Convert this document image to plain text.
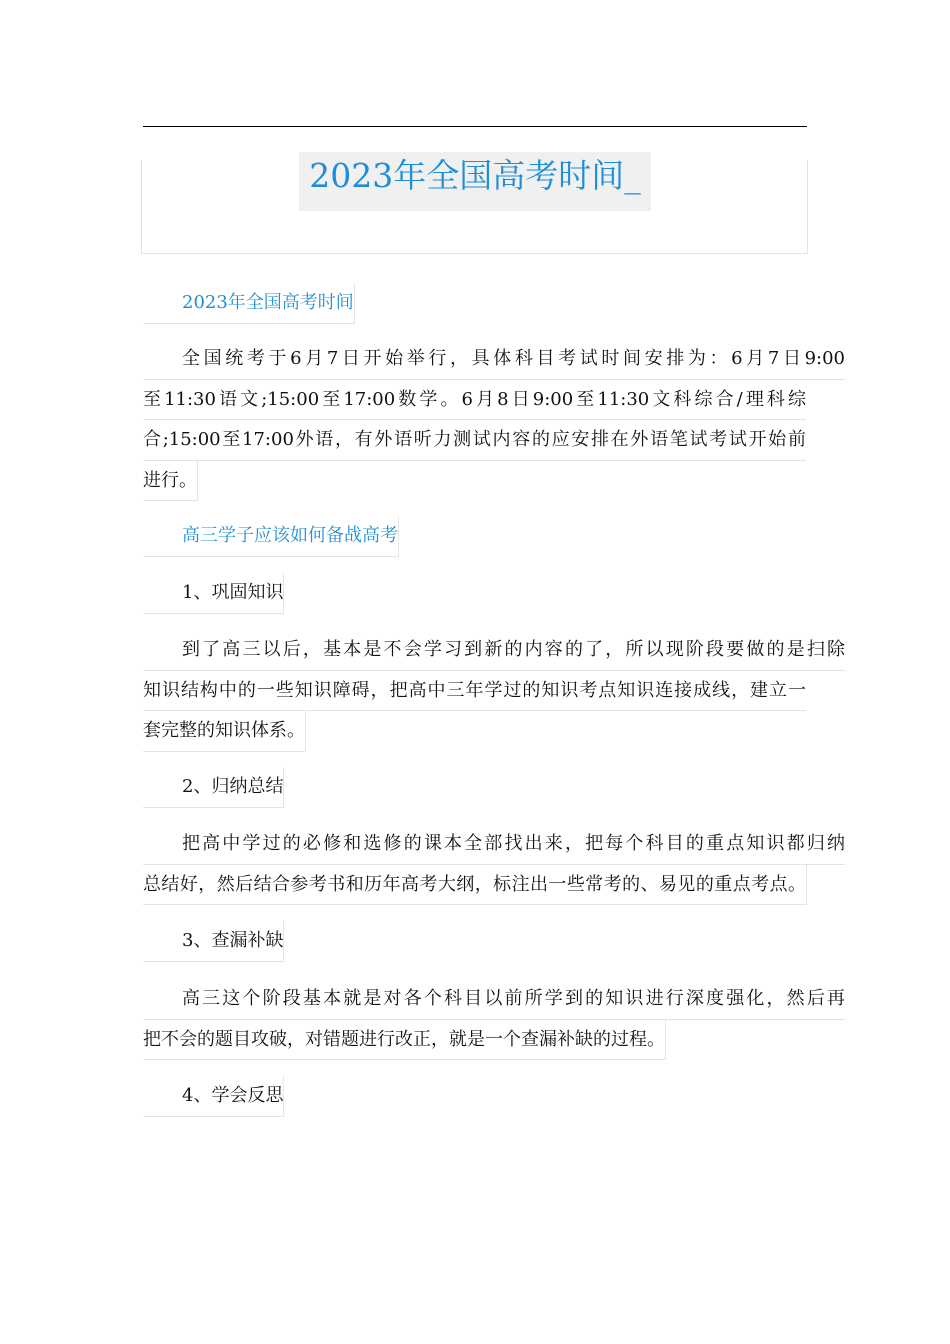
2023年全国高考时间_
2023年全国高考时间
全国统考于6月7日开始举行，具体科目考试时间安排为：6月7日9:00
至11:30语文;15:00至17:00数学。6月8日9:00至11:30文科综合/理科综
合;15:00至17:00外语，有外语听力测试内容的应安排在外语笔试考试开始前
进行。
高三学子应该如何备战高考
1、巩固知识
到了高三以后，基本是不会学习到新的内容的了，所以现阶段要做的是扫除
知识结构中的一些知识障碍，把高中三年学过的知识考点知识连接成线，建立一
套完整的知识体系。
2、归纳总结
把高中学过的必修和选修的课本全部找出来，把每个科目的重点知识都归纳
总结好，然后结合参考书和历年高考大纲，标注出一些常考的、易见的重点考点。
3、查漏补缺
高三这个阶段基本就是对各个科目以前所学到的知识进行深度强化，然后再
把不会的题目攻破，对错题进行改正，就是一个查漏补缺的过程。
4、学会反思
